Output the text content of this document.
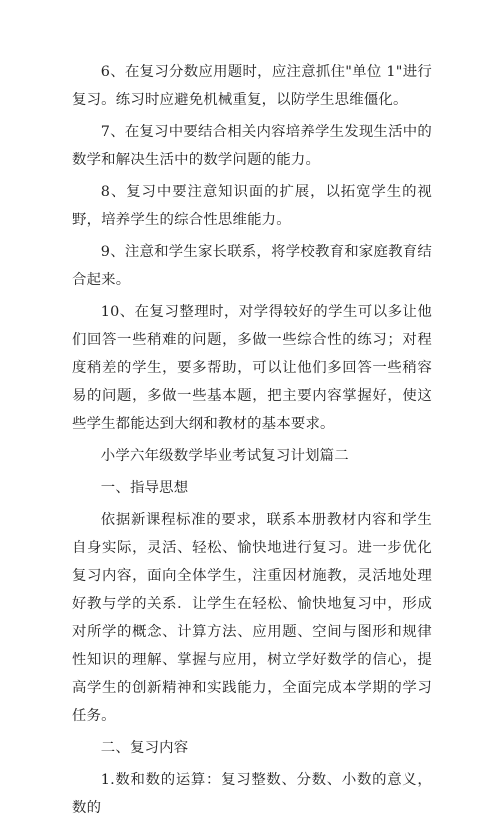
6、在复习分数应用题时，应注意抓住"单位 1"进行复习。练习时应避免机械重复，以防学生思维僵化。

7、在复习中要结合相关内容培养学生发现生活中的数学和解决生活中的数学问题的能力。

8、复习中要注意知识面的扩展，以拓宽学生的视野，培养学生的综合性思维能力。

9、注意和学生家长联系，将学校教育和家庭教育结合起来。

10、在复习整理时，对学得较好的学生可以多让他们回答一些稍难的问题，多做一些综合性的练习；对程度稍差的学生，要多帮助，可以让他们多回答一些稍容易的问题，多做一些基本题，把主要内容掌握好，使这些学生都能达到大纲和教材的基本要求。

小学六年级数学毕业考试复习计划篇二

一、指导思想

依据新课程标准的要求，联系本册教材内容和学生自身实际，灵活、轻松、愉快地进行复习。进一步优化复习内容，面向全体学生，注重因材施教，灵活地处理好教与学的关系．让学生在轻松、愉快地复习中，形成对所学的概念、计算方法、应用题、空间与图形和规律性知识的理解、掌握与应用，树立学好数学的信心，提高学生的创新精神和实践能力，全面完成本学期的学习任务。

二、复习内容

1.数和数的运算：复习整数、分数、小数的意义，数的
